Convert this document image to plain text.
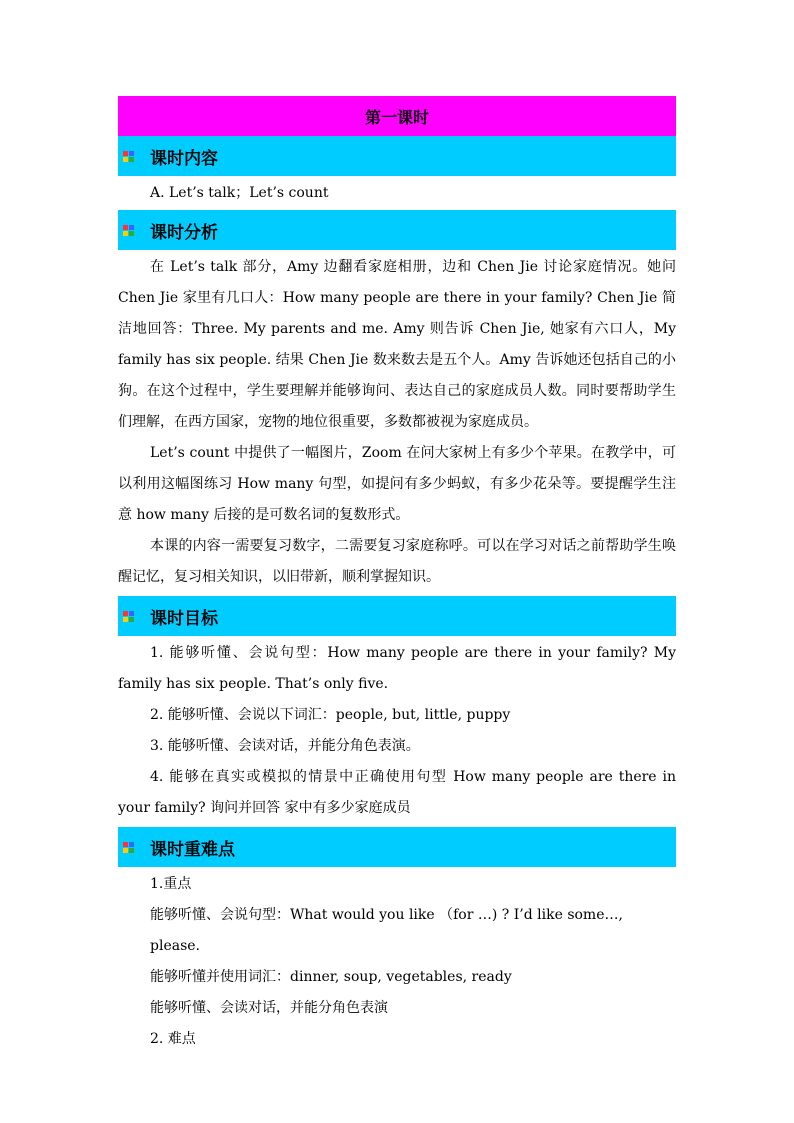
第一课时
课时内容
A. Let’s talk；Let’s count
课时分析

在 Let’s talk 部分，Amy 边翻看家庭相册，边和 Chen Jie 讨论家庭情况。她问 Chen Jie 家里有几口人：How many people are there in your family? Chen Jie 简洁地回答：Three. My parents and me. Amy 则告诉 Chen Jie, 她家有六口人，My family has six people. 结果 Chen Jie 数来数去是五个人。Amy 告诉她还包括自己的小狗。在这个过程中，学生要理解并能够询问、表达自己的家庭成员人数。同时要帮助学生们理解，在西方国家，宠物的地位很重要，多数都被视为家庭成员。

Let’s count 中提供了一幅图片，Zoom 在问大家树上有多少个苹果。在教学中，可以利用这幅图练习 How many 句型，如提问有多少蚂蚁，有多少花朵等。要提醒学生注意 how many 后接的是可数名词的复数形式。

本课的内容一需要复习数字，二需要复习家庭称呼。可以在学习对话之前帮助学生唤醒记忆，复习相关知识，以旧带新，顺利掌握知识。

课时目标

1. 能够听懂、会说句型：How many people are there in your family? My family has six people. That’s only five.

2. 能够听懂、会说以下词汇：people, but, little, puppy

3. 能够听懂、会读对话，并能分角色表演。

4. 能够在真实或模拟的情景中正确使用句型 How many people are there in your family? 询问并回答 家中有多少家庭成员

课时重难点
1.重点
能够听懂、会说句型：What would you like （for …) ? I’d like some…, please.
能够听懂并使用词汇：dinner, soup, vegetables, ready
能够听懂、会读对话，并能分角色表演
2. 难点
